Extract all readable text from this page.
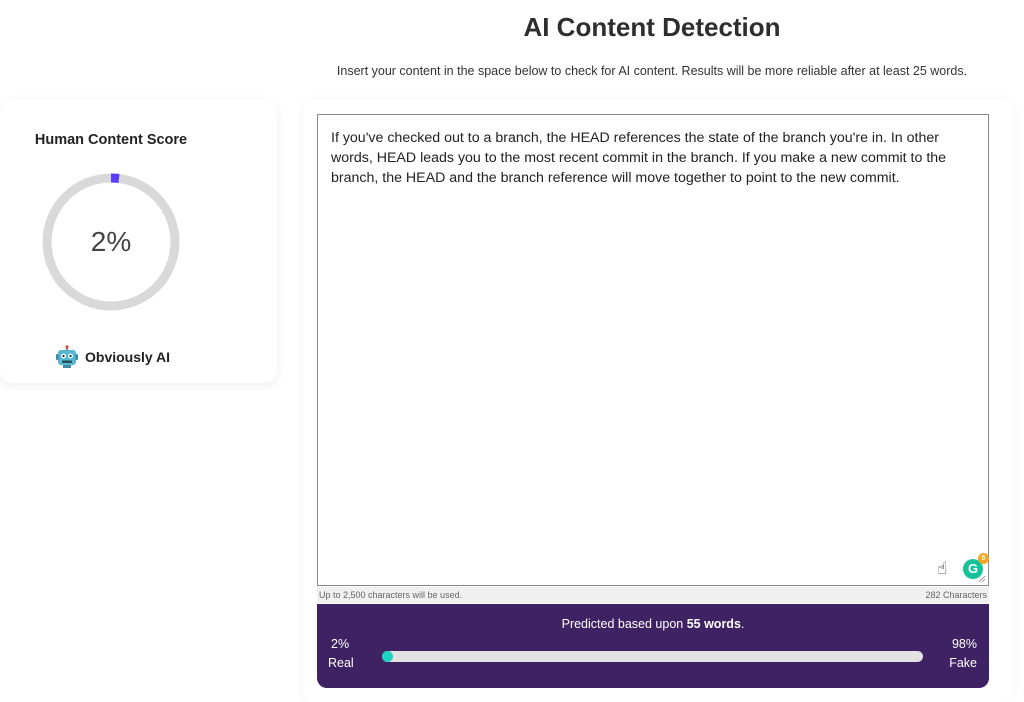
AI Content Detection
Insert your content in the space below to check for AI content. Results will be more reliable after at least 25 words.
Human Content Score
2%
Obviously AI
If you've checked out to a branch, the HEAD references the state of the branch you're in. In other words, HEAD leads you to the most recent commit in the branch. If you make a new commit to the branch, the HEAD and the branch reference will move together to point to the new commit.
☝	G
5
Up to 2,500 characters will be used.	282 Characters
Predicted based upon 55 words.
2%
Real
98%
Fake
